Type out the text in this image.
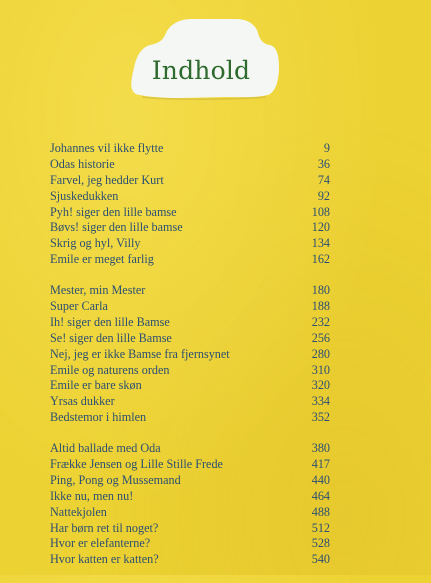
Indhold
Johannes vil ikke flytte	9
Odas historie	36
Farvel, jeg hedder Kurt	74
Sjuskedukken	92
Pyh! siger den lille bamse	108
Bøvs! siger den lille bamse	120
Skrig og hyl, Villy	134
Emile er meget farlig	162
Mester, min Mester	180
Super Carla	188
Ih! siger den lille Bamse	232
Se! siger den lille Bamse	256
Nej, jeg er ikke Bamse fra fjernsynet	280
Emile og naturens orden	310
Emile er bare skøn	320
Yrsas dukker	334
Bedstemor i himlen	352
Altid ballade med Oda	380
Frække Jensen og Lille Stille Frede	417
Ping, Pong og Mussemand	440
Ikke nu, men nu!	464
Nattekjolen	488
Har børn ret til noget?	512
Hvor er elefanterne?	528
Hvor katten er katten?	540
